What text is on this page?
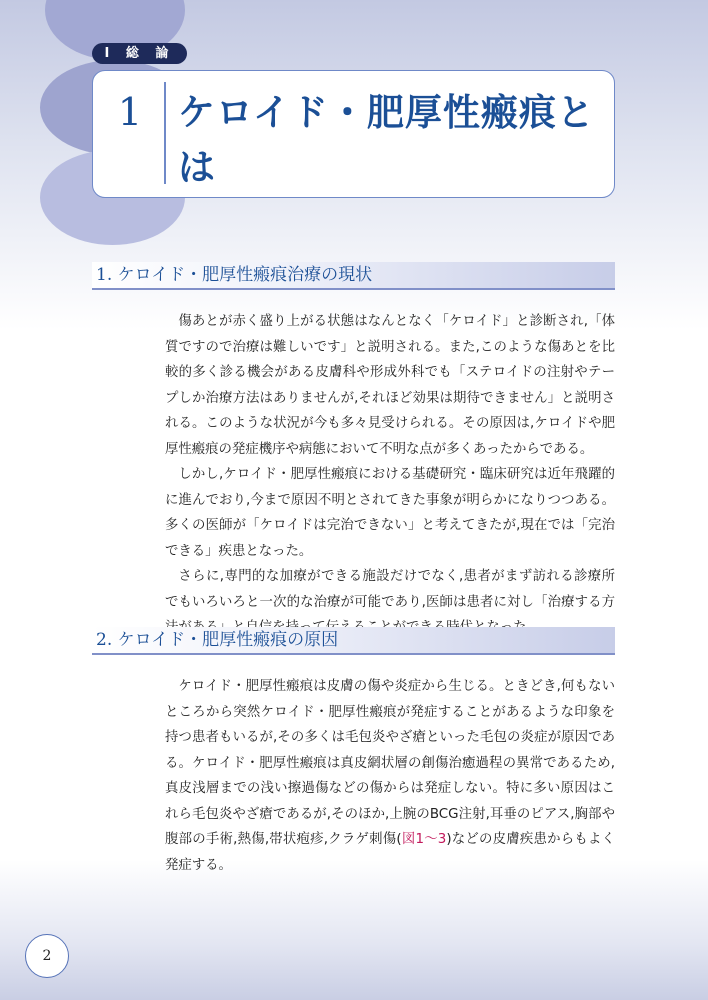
Ⅰ 総 論
1 ケロイド・肥厚性瘢痕とは
1. ケロイド・肥厚性瘢痕治療の現状

傷あとが赤く盛り上がる状態はなんとなく「ケロイド」と診断され,「体質ですので治療は難しいです」と説明される。また,このような傷あとを比較的多く診る機会がある皮膚科や形成外科でも「ステロイドの注射やテープしか治療方法はありませんが,それほど効果は期待できません」と説明される。このような状況が今も多々見受けられる。その原因は,ケロイドや肥厚性瘢痕の発症機序や病態において不明な点が多くあったからである。

しかし,ケロイド・肥厚性瘢痕における基礎研究・臨床研究は近年飛躍的に進んでおり,今まで原因不明とされてきた事象が明らかになりつつある。多くの医師が「ケロイドは完治できない」と考えてきたが,現在では「完治できる」疾患となった。

さらに,専門的な加療ができる施設だけでなく,患者がまず訪れる診療所でもいろいろと一次的な治療が可能であり,医師は患者に対し「治療する方

2. ケロイド・肥厚性瘢痕の原因

ケロイド・肥厚性瘢痕は皮膚の傷や炎症から生じる。ときどき,何もないところから突然ケロイド・肥厚性瘢痕が発症することがあるような印象を持つ患者もいるが,その多くは毛包炎やざ瘡といった毛包の炎症が原因である。ケロイド・肥厚性瘢痕は真皮網状層の創傷治癒過程の異常であるため,真皮浅層までの浅い擦過傷などの傷からは発症しない。特に多い原因はこれら毛包炎やざ瘡であるが,そのほか,上腕のBCG注射,耳垂のピアス,胸部や腹部の手術,熱傷,帯状疱疹,クラゲ刺傷(図1～3)などの皮膚疾患からもよく発症する。

2
